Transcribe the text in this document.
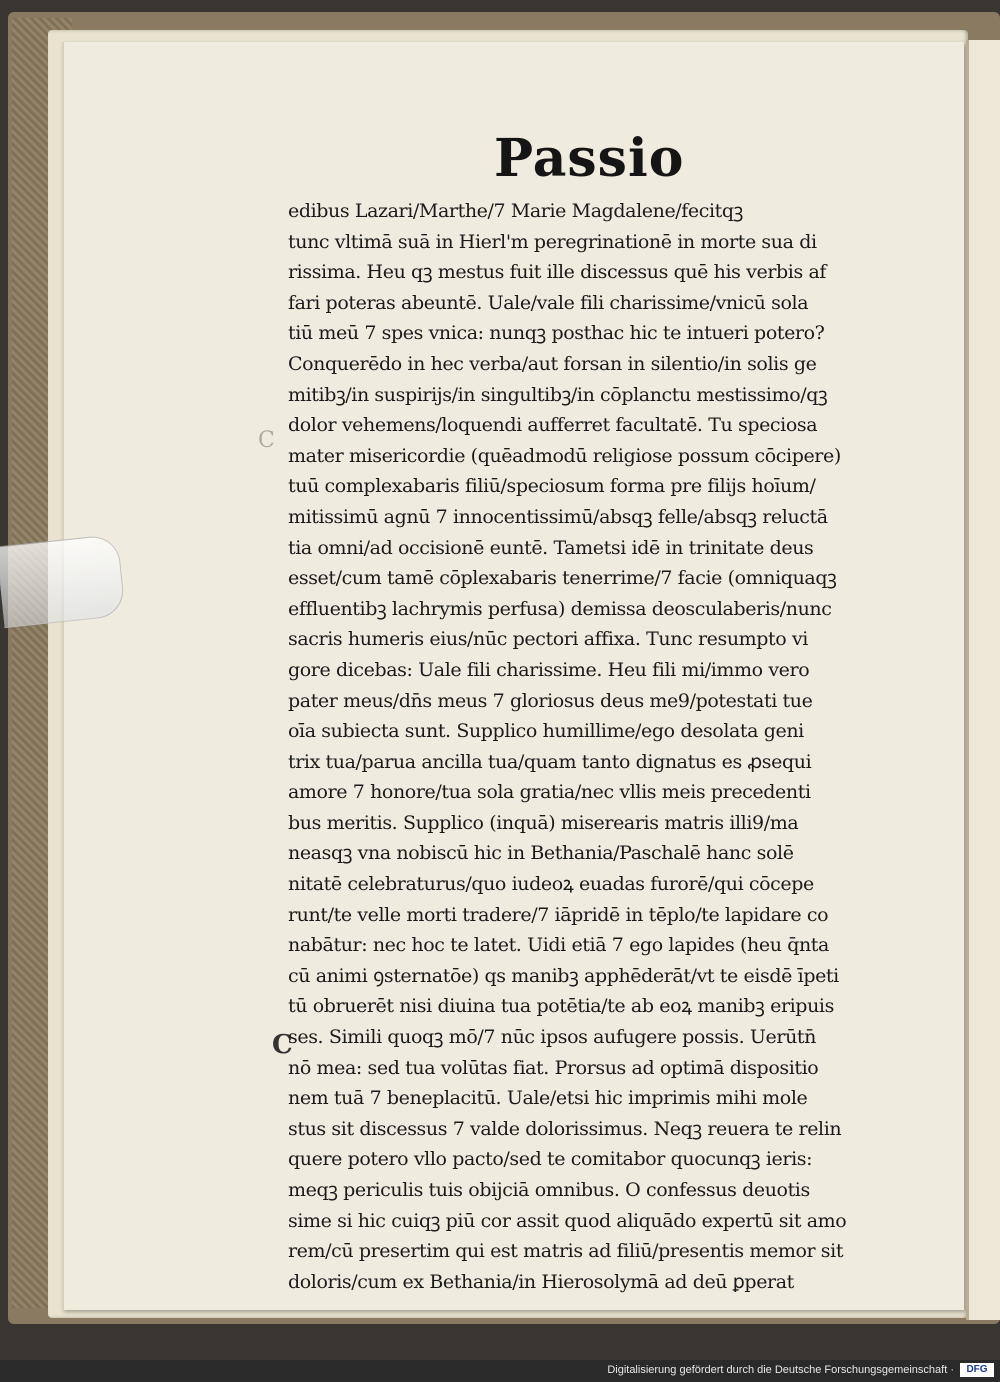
Passio
C
C
edibus Lazari/Marthe/7 Marie Magdalene/fecitqꝫ
tunc vltimā suā in Hierl'm peregrinationē in morte sua di
rissima. Heu qꝫ mestus fuit ille discessus quē his verbis af
fari poteras abeuntē. Uale/vale fili charissime/vnicū sola
tiū meū 7 spes vnica: nunqꝫ posthac hic te intueri potero?
Conquerēdo in hec verba/aut forsan in silentio/in solis ge
mitibꝫ/in suspirijs/in singultibꝫ/in cōplanctu mestissimo/qꝫ
dolor vehemens/loquendi aufferret facultatē. Tu speciosa
mater misericordie (quēadmodū religiose possum cōcipere)
tuū complexabaris filiū/speciosum forma pre filijs hoīum/
mitissimū agnū 7 innocentissimū/absqꝫ felle/absqꝫ reluctā
tia omni/ad occisionē euntē. Tametsi idē in trinitate deus
esset/cum tamē cōplexabaris tenerrime/7 facie (omniquaqꝫ
effluentibꝫ lachrymis perfusa) demissa deosculaberis/nunc
sacris humeris eius/nūc pectori affixa. Tunc resumpto vi
gore dicebas: Uale fili charissime. Heu fili mi/immo vero
pater meus/dn̄s meus 7 gloriosus deus me9/potestati tue
oīa subiecta sunt. Supplico humillime/ego desolata geni
trix tua/parua ancilla tua/quam tanto dignatus es ꝓsequi
amore 7 honore/tua sola gratia/nec vllis meis precedenti
bus meritis. Supplico (inquā) miserearis matris illi9/ma
neasqꝫ vna nobiscū hic in Bethania/Paschalē hanc solē
nitatē celebraturus/quo iudeoꝝ euadas furorē/qui cōcepe
runt/te velle morti tradere/7 iāpridē in tēplo/te lapidare co
nabātur: nec hoc te latet. Uidi etiā 7 ego lapides (heu q̄nta
cū animi ꝯsternatōe) qs manibꝫ apphēderāt/vt te eisdē īpeti
tū obruerēt nisi diuina tua potētia/te ab eoꝝ manibꝫ eripuis
ses. Simili quoqꝫ mō/7 nūc ipsos aufugere possis. Uerūtn̄
nō mea: sed tua volūtas fiat. Prorsus ad optimā dispositio
nem tuā 7 beneplacitū. Uale/etsi hic imprimis mihi mole
stus sit discessus 7 valde dolorissimus. Neqꝫ reuera te relin
quere potero vllo pacto/sed te comitabor quocunqꝫ ieris:
meqꝫ periculis tuis obijciā omnibus. O confessus deuotis
sime si hic cuiqꝫ piū cor assit quod aliquādo expertū sit amo
rem/cū presertim qui est matris ad filiū/presentis memor sit
doloris/cum ex Bethania/in Hierosolymā ad deū ꝑperat
Digitalisierung gefördert durch die Deutsche Forschungsgemeinschaft ·	DFG
